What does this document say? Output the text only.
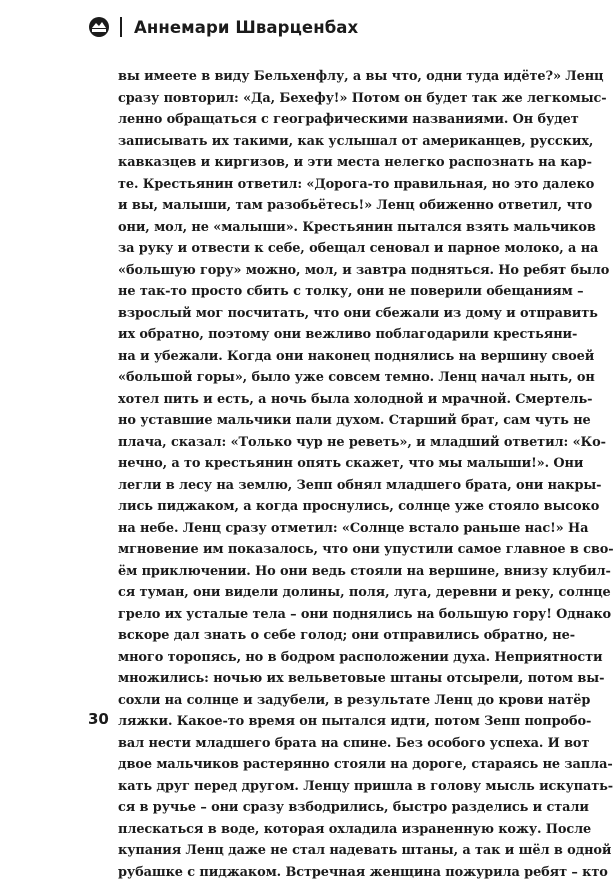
Аннемари Шварценбах
вы имеете в виду Бельхенфлу, а вы что, одни туда идёте?» Ленц
сразу повторил: «Да, Бехефу!» Потом он будет так же легкомыс-
ленно обращаться с географическими названиями. Он будет
записывать их такими, как услышал от американцев, русских,
кавказцев и киргизов, и эти места нелегко распознать на кар-
те. Крестьянин ответил: «Дорога-то правильная, но это далеко
и вы, малыши, там разобьётесь!» Ленц обиженно ответил, что
они, мол, не «малыши». Крестьянин пытался взять мальчиков
за руку и отвести к себе, обещал сеновал и парное молоко, а на
«большую гору» можно, мол, и завтра подняться. Но ребят было
не так-то просто сбить с толку, они не поверили обещаниям –
взрослый мог посчитать, что они сбежали из дому и отправить
их обратно, поэтому они вежливо поблагодарили крестьяни-
на и убежали. Когда они наконец поднялись на вершину своей
«большой горы», было уже совсем темно. Ленц начал ныть, он
хотел пить и есть, а ночь была холодной и мрачной. Смертель-
но уставшие мальчики пали духом. Старший брат, сам чуть не
плача, сказал: «Только чур не реветь», и младший ответил: «Ко-
нечно, а то крестьянин опять скажет, что мы малыши!». Они
легли в лесу на землю, Зепп обнял младшего брата, они накры-
лись пиджаком, а когда проснулись, солнце уже стояло высоко
на небе. Ленц сразу отметил: «Солнце встало раньше нас!» На
мгновение им показалось, что они упустили самое главное в сво-
ём приключении. Но они ведь стояли на вершине, внизу клубил-
ся туман, они видели долины, поля, луга, деревни и реку, солнце
грело их усталые тела – они поднялись на большую гору! Однако
вскоре дал знать о себе голод; они отправились обратно, не-
много торопясь, но в бодром расположении духа. Неприятности
множились: ночью их вельветовые штаны отсырели, потом вы-
сохли на солнце и задубели, в результате Ленц до крови натёр
ляжки. Какое-то время он пытался идти, потом Зепп попробо-
вал нести младшего брата на спине. Без особого успеха. И вот
двое мальчиков растерянно стояли на дороге, стараясь не запла-
кать друг перед другом. Ленцу пришла в голову мысль искупать-
ся в ручье – они сразу взбодрились, быстро разделись и стали
плескаться в воде, которая охладила израненную кожу. После
купания Ленц даже не стал надевать штаны, а так и шёл в одной
рубашке с пиджаком. Встречная женщина пожурила ребят – кто
30
